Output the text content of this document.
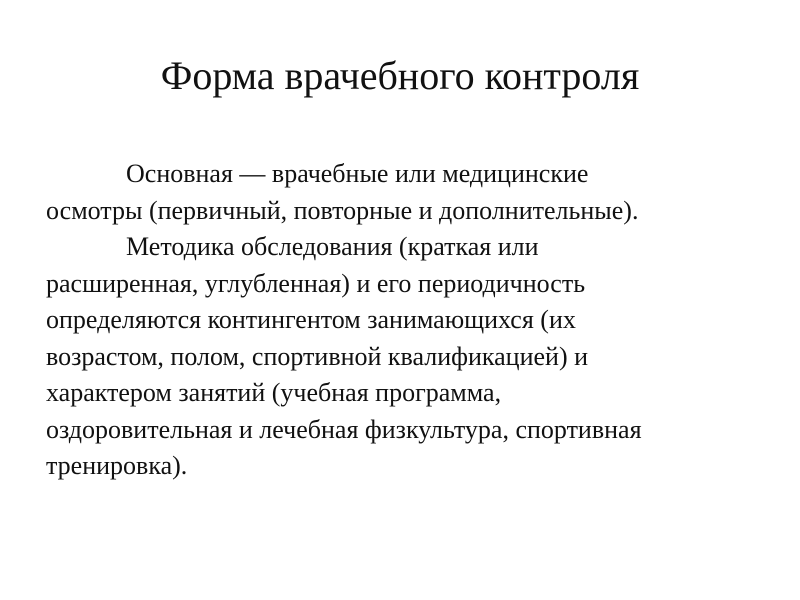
Форма врачебного контроля

Основная — врачебные или медицинские
осмотры (первичный, повторные и дополнительные).

Методика обследования (краткая или
расширенная, углубленная) и его периодичность
определяются контингентом занимающихся (их
возрастом, полом, спортивной квалификацией) и
характером занятий (учебная программа,
оздоровительная и лечебная физкультура, спортивная
тренировка).
